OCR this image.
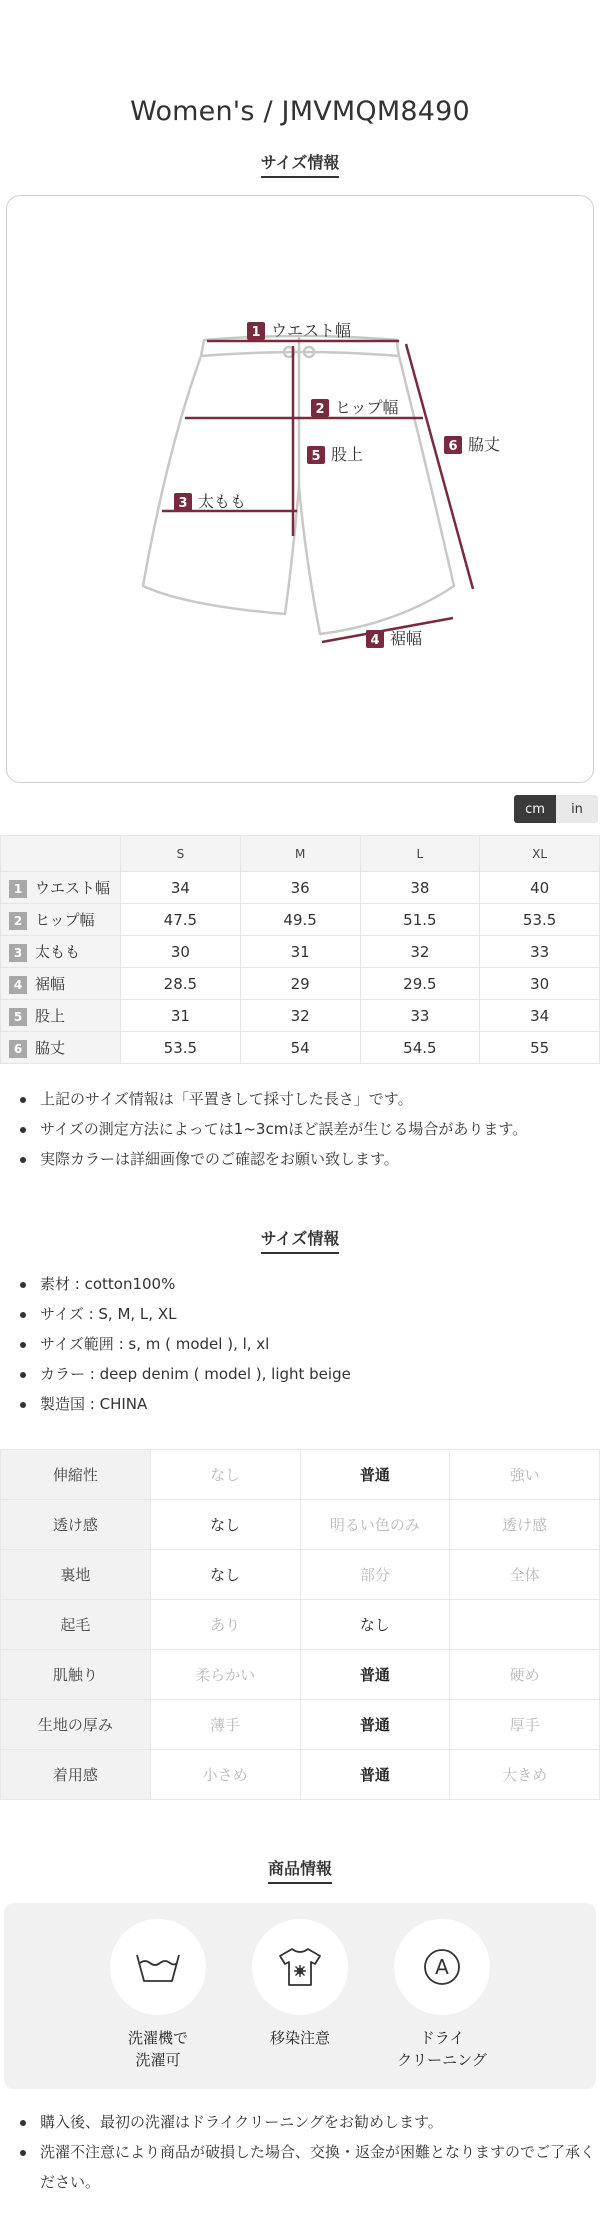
Women's / JMVMQM8490
サイズ情報
1 ウエスト幅
2 ヒップ幅
3 太もも
4 裾幅
5 股上	6 脇丈
cm	in
	S	M	L	XL
1 ウエスト幅	34	36	38	40
2 ヒップ幅	47.5	49.5	51.5	53.5
3 太もも	30	31	32	33
4 裾幅	28.5	29	29.5	30
5 股上	31	32	33	34
6 脇丈	53.5	54	54.5	55
上記のサイズ情報は「平置きして採寸した長さ」です。
サイズの測定方法によっては1~3cmほど誤差が生じる場合があります。
実際カラーは詳細画像でのご確認をお願い致します。
サイズ情報
素材 : cotton100%
サイズ : S, M, L, XL
サイズ範囲 : s, m ( model ), l, xl
カラー : deep denim ( model ), light beige
製造国 : CHINA
伸縮性	なし	普通	強い
透け感	なし	明るい色のみ	透け感
裏地	なし	部分	全体
起毛	あり	なし	
肌触り	柔らかい	普通	硬め
生地の厚み	薄手	普通	厚手
着用感	小さめ	普通	大きめ
商品情報
洗濯機で
洗濯可
移染注意
A
ドライ
クリーニング
購入後、最初の洗濯はドライクリーニングをお勧めします。
洗濯不注意により商品が破損した場合、交換・返金が困難となりますのでご了承ください。
